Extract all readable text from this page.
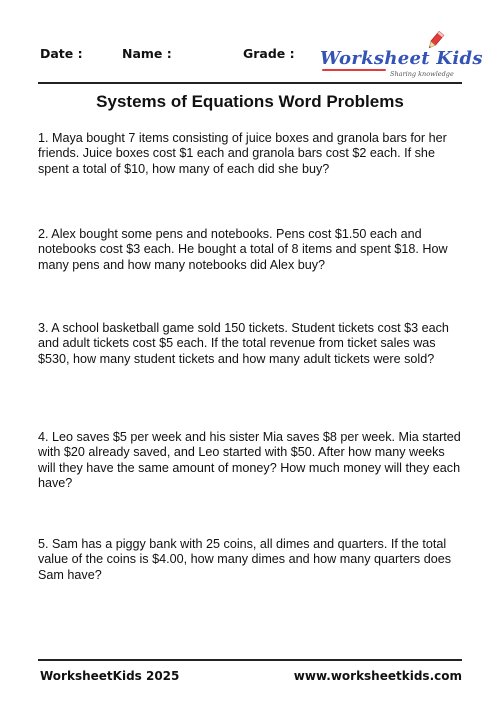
Date :	Name :	Grade : Worksheet Kids
Sharing knowledge
Systems of Equations Word Problems
1. Maya bought 7 items consisting of juice boxes and granola bars for her friends. Juice boxes cost $1 each and granola bars cost $2 each. If she spent a total of $10, how many of each did she buy?
2. Alex bought some pens and notebooks. Pens cost $1.50 each and notebooks cost $3 each. He bought a total of 8 items and spent $18. How many pens and how many notebooks did Alex buy?
3. A school basketball game sold 150 tickets. Student tickets cost $3 each and adult tickets cost $5 each. If the total revenue from ticket sales was $530, how many student tickets and how many adult tickets were sold?
4. Leo saves $5 per week and his sister Mia saves $8 per week. Mia started with $20 already saved, and Leo started with $50. After how many weeks will they have the same amount of money? How much money will they each have?
5. Sam has a piggy bank with 25 coins, all dimes and quarters. If the total value of the coins is $4.00, how many dimes and how many quarters does Sam have?
WorksheetKids 2025	www.worksheetkids.com
